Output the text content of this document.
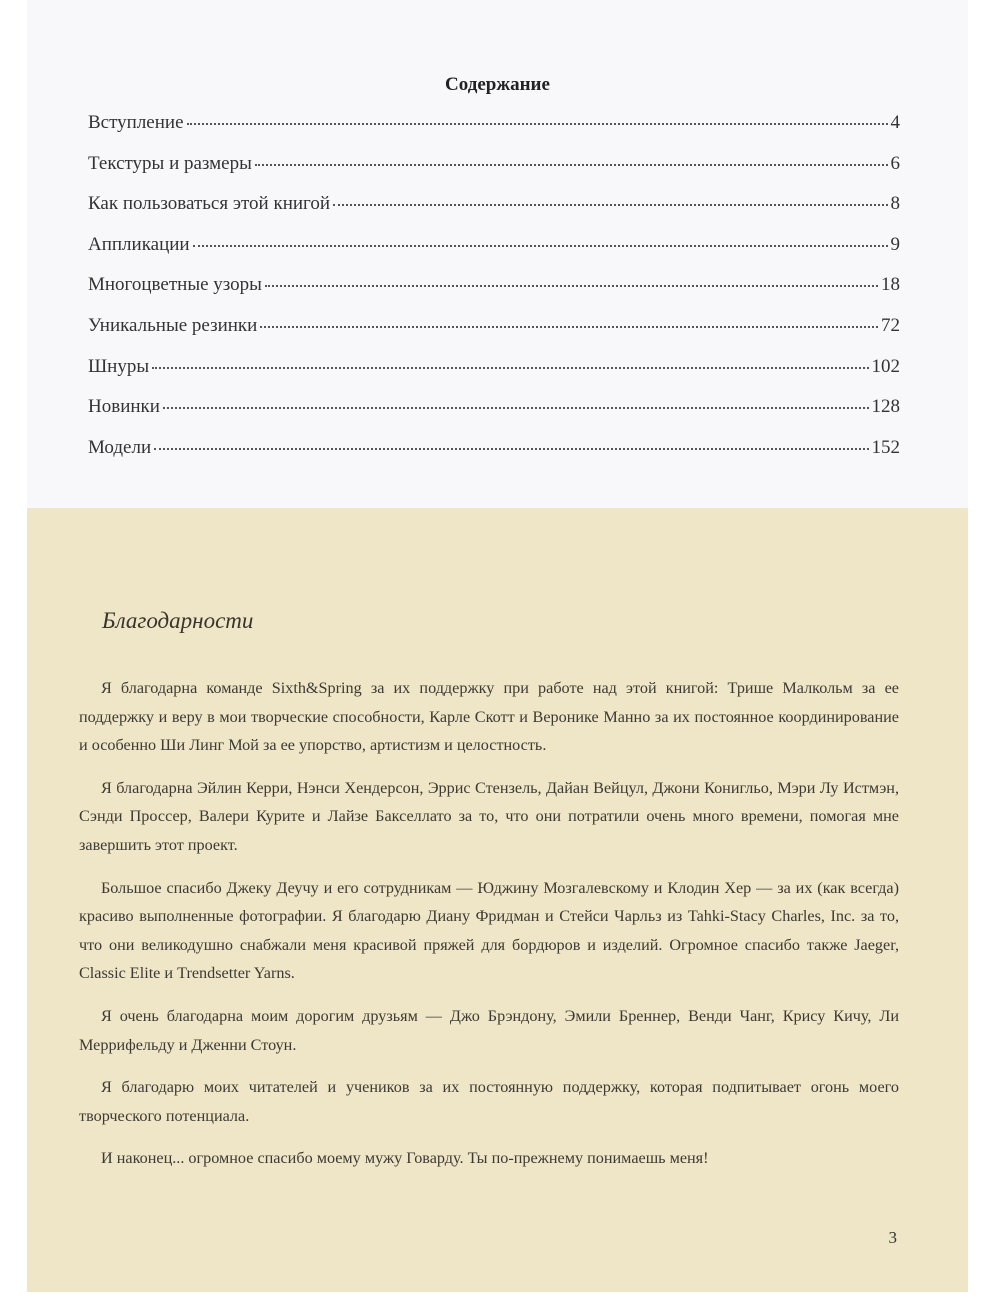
Содержание
Вступление	4
Текстуры и размеры	6
Как пользоваться этой книгой	8
Аппликации	9
Многоцветные узоры	18
Уникальные резинки	72
Шнуры	102
Новинки	128
Модели	152
Благодарности

Я благодарна команде Sixth&Spring за их поддержку при работе над этой книгой: Трише Малкольм за ее поддержку и веру в мои творческие способности, Карле Скотт и Веронике Манно за их постоянное координирование и особенно Ши Линг Мой за ее упорство, артистизм и целостность.

Я благодарна Эйлин Керри, Нэнси Хендерсон, Эррис Стензель, Дайан Вейцул, Джони Конигльо, Мэри Лу Истмэн, Сэнди Проссер, Валери Курите и Лайзе Бакселлато за то, что они потратили очень много времени, помогая мне завершить этот проект.

Большое спасибо Джеку Деучу и его сотрудникам — Юджину Мозгалевскому и Клодин Хер — за их (как всегда) красиво выполненные фотографии. Я благодарю Диану Фридман и Стейси Чарльз из Tahki-Stacy Charles, Inc. за то, что они великодушно снабжали меня красивой пряжей для бордюров и изделий. Огромное спасибо также Jaeger, Classic Elite и Trendsetter Yarns.

Я очень благодарна моим дорогим друзьям — Джо Брэндону, Эмили Бреннер, Венди Чанг, Крису Кичу, Ли Меррифельду и Дженни Стоун.

Я благодарю моих читателей и учеников за их постоянную поддержку, которая подпитывает огонь моего творческого потенциала.

И наконец... огромное спасибо моему мужу Говарду. Ты по-прежнему понимаешь меня!

3
